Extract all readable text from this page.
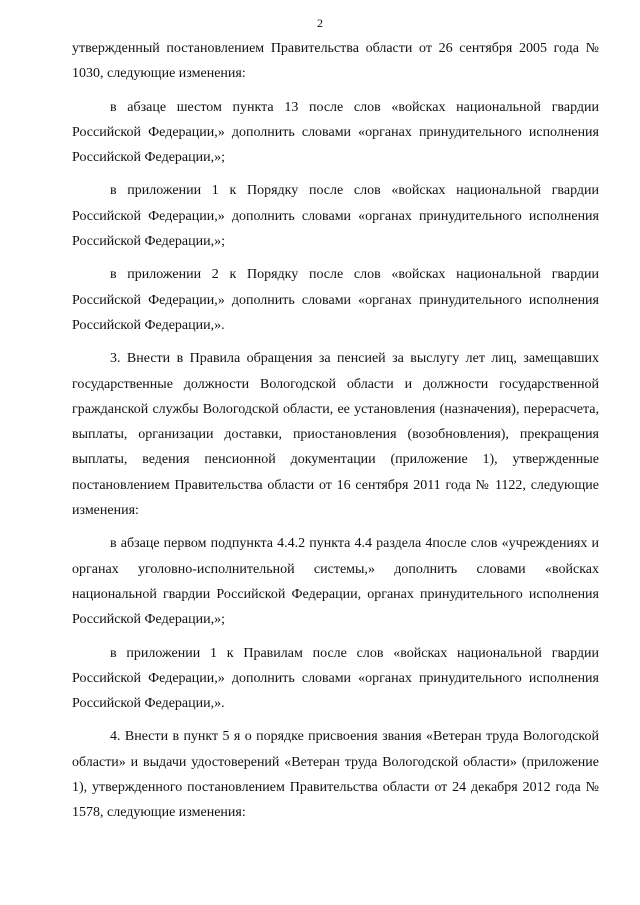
2

утвержденный постановлением Правительства области от 26 сентября 2005 года № 1030, следующие изменения:

в абзаце шестом пункта 13 после слов «войсках национальной гвардии Российской Федерации,» дополнить словами «органах принудительного исполнения Российской Федерации,»;

в приложении 1 к Порядку после слов «войсках национальной гвардии Российской Федерации,» дополнить словами «органах принудительного исполнения Российской Федерации,»;

в приложении 2 к Порядку после слов «войсках национальной гвардии Российской Федерации,» дополнить словами «органах принудительного исполнения Российской Федерации,».

3. Внести в Правила обращения за пенсией за выслугу лет лиц, замещавших государственные должности Вологодской области и должности государственной гражданской службы Вологодской области, ее установления (назначения), перерасчета, выплаты, организации доставки, приостановления (возобновления), прекращения выплаты, ведения пенсионной документации (приложение 1), утвержденные постановлением Правительства области от 16 сентября 2011 года № 1122, следующие изменения:

в абзаце первом подпункта 4.4.2 пункта 4.4 раздела 4после слов «учреждениях и органах уголовно-исполнительной системы,» дополнить словами «войсках национальной гвардии Российской Федерации, органах принудительного исполнения Российской Федерации,»;

в приложении 1 к Правилам после слов «войсках национальной гвардии Российской Федерации,» дополнить словами «органах принудительного исполнения Российской Федерации,».

4. Внести в пункт 5 я о порядке присвоения звания «Ветеран труда Вологодской области» и выдачи удостоверений «Ветеран труда Вологодской области» (приложение 1), утвержденного постановлением Правительства области от 24 декабря 2012 года № 1578, следующие изменения:
